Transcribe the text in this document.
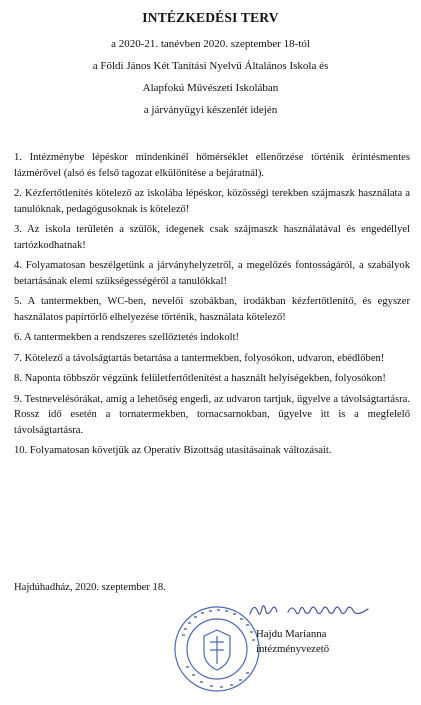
INTÉZKEDÉSI TERV
a 2020-21. tanévben 2020. szeptember 18-tól
a Földi János Két Tanítási Nyelvű Általános Iskola és
Alapfokú Művészeti Iskolában
a járványügyi készenlét idején

1. Intézménybe lépéskor mindenkinél hőmérséklet ellenőrzése történik érintésmentes lázmérővel (alsó és felső tagozat elkülönítése a bejáratnál).

2. Kézfertőtlenítés kötelező az iskolába lépéskor, közösségi terekben szájmaszk használata a tanulóknak, pedagógusoknak is kötelező!

3. Az iskola területén a szülők, idegenek csak szájmaszk használatával és engedéllyel tartózkodhatnak!

4. Folyamatosan beszélgetünk a járványhelyzetről, a megelőzés fontosságáról, a szabályok betartásának elemi szükségességéről a tanulókkal!

5. A tantermekben, WC-ben, nevelői szobákban, irodákban kézfertőtlenítő, és egyszer használatos papírtörlő elhelyezése történik, használata kötelező!

6. A tantermekben a rendszeres szellőztetés indokolt!

7. Kötelező a távolságtartás betartása a tantermekben, folyosókon, udvaron, ebédlőben!

8. Naponta többször végzünk felületfertőtlenítést a használt helyiségekben, folyosókon!

9. Testnevelésórákat, amíg a lehetőség engedi, az udvaron tartjuk, ügyelve a távolságtartásra. Rossz idő esetén a tornatermekben, tornacsarnokban, ügyelve itt is a megfelelő távolságtartásra.

10. Folyamatosan követjük az Operatív Bizottság utasításainak változásait.

Hajdúhadház, 2020. szeptember 18.
Hajdu Marianna
intézményvezető
